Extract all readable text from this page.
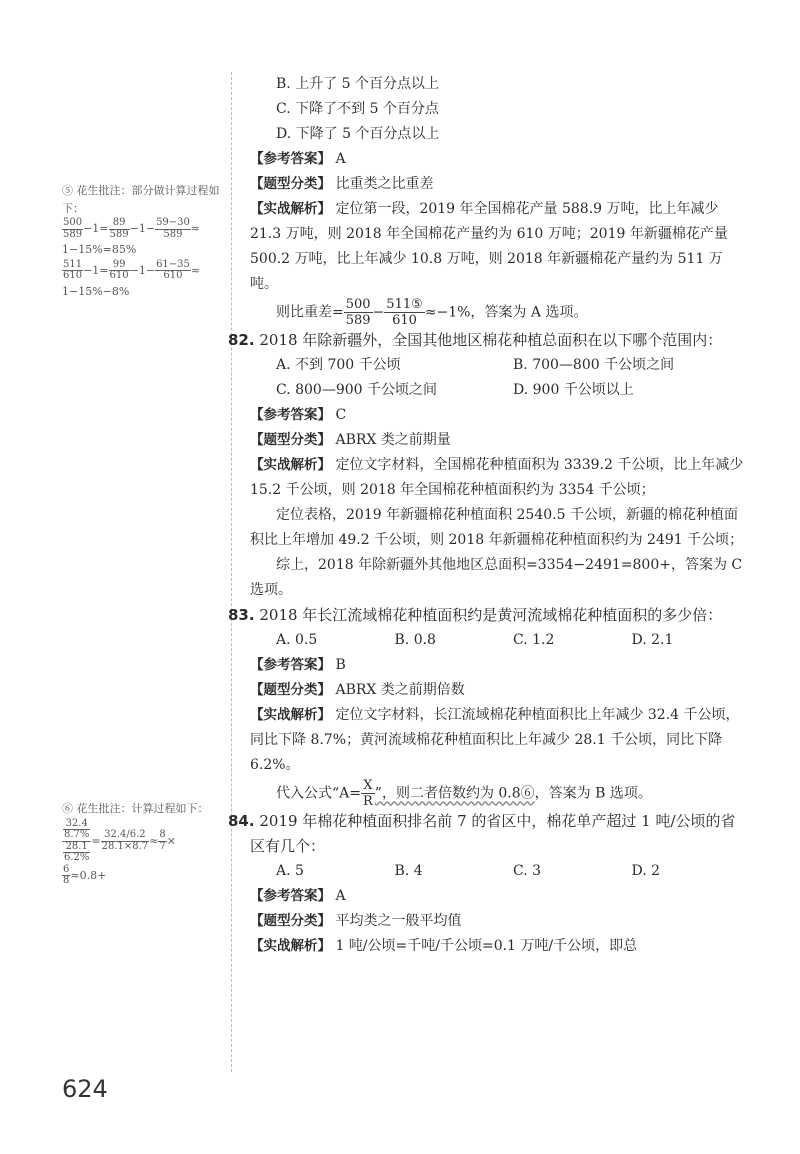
⑤ 花生批注：部分做计算过程如下：

$\frac{500}{589} -1= \frac{89}{589} -1- \frac{59-30}{589}$ ≈

1−15%=85%

$\frac{511}{610} -1= \frac{99}{610} -1- \frac{61-35}{610}$ ≈

1−15%−8%

⑥ 花生批注：计算过程如下：

$\frac{\frac{32.4}{8.7\%}}{\frac{28.1}{6.2\%}} = \frac{32.4/6.2}{28.1\times 8.7} \approx \frac{8}{7}$ ×
$\frac{6}{8} \approx 0.8+$

B. 上升了 5 个百分点以上

C. 下降了不到 5 个百分点

D. 下降了 5 个百分点以上

【参考答案】 A

【题型分类】 比重类之比重差

【实战解析】 定位第一段，2019 年全国棉花产量 588.9 万吨，比上年减少 21.3 万吨，则 2018 年全国棉花产量约为 610 万吨；2019 年新疆棉花产量 500.2 万吨，比上年减少 10.8 万吨，则 2018 年新疆棉花产量约为 511 万吨。

则比重差= $\frac{500}{589} - \frac{\text{511⑤}}{610} \approx-1\%$，答案为 A 选项。

82. 2018 年除新疆外，全国其他地区棉花种植总面积在以下哪个范围内：

A. 不到 700 千公顷	B. 700—800 千公顷之间
C. 800—900 千公顷之间	D. 900 千公顷以上

【参考答案】 C

【题型分类】 ABRX 类之前期量

【实战解析】 定位文字材料，全国棉花种植面积为 3339.2 千公顷，比上年减少 15.2 千公顷，则 2018 年全国棉花种植面积约为 3354 千公顷；

定位表格，2019 年新疆棉花种植面积 2540.5 千公顷，新疆的棉花种植面积比上年增加 49.2 千公顷，则 2018 年新疆棉花种植面积约为 2491 千公顷；

综上，2018 年除新疆外其他地区总面积=3354−2491=800+，答案为 C 选项。

83. 2018 年长江流域棉花种植面积约是黄河流域棉花种植面积的多少倍：

A. 0.5	B. 0.8	C. 1.2	D. 2.1

【参考答案】 B

【题型分类】 ABRX 类之前期倍数

【实战解析】 定位文字材料，长江流域棉花种植面积比上年减少 32.4 千公顷，同比下降 8.7%；黄河流域棉花种植面积比上年减少 28.1 千公顷，同比下降 6.2%。

代入公式“$A= \frac{X}{R}$ ”，则二者倍数约为 0.8⑥，答案为 B 选项。

84. 2019 年棉花种植面积排名前 7 的省区中，棉花单产超过 1 吨/公顷的省区有几个：

A. 5	B. 4	C. 3	D. 2

【参考答案】 A

【题型分类】 平均类之一般平均值

【实战解析】 1 吨/公顷=千吨/千公顷=0.1 万吨/千公顷，即总

624
